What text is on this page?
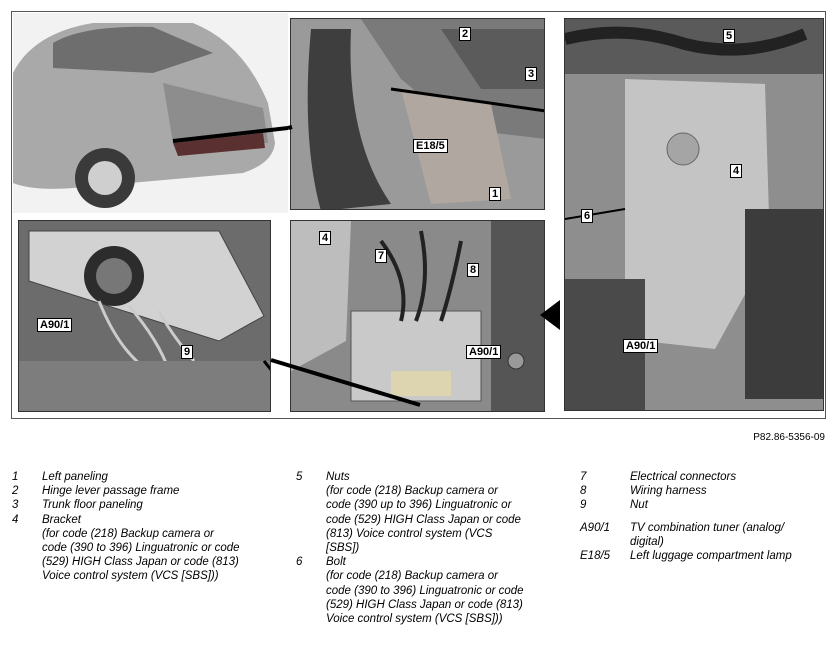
2
3
E18/5
1
5
4
6
A90/1
4
7
8
A90/1
A90/1
9
P82.86-5356-09
1	Left paneling
2	Hinge lever passage frame
3	Trunk floor paneling
4	Bracket
(for code (218) Backup camera or code (390 to 396) Linguatronic or code (529) HIGH Class Japan or code (813) Voice control system (VCS [SBS]))
5	Nuts
(for code (218) Backup camera or code (390 up to 396) Linguatronic or code (529) HIGH Class Japan or code (813) Voice control system (VCS [SBS])
6	Bolt
(for code (218) Backup camera or code (390 to 396) Linguatronic or code (529) HIGH Class Japan or code (813) Voice control system (VCS [SBS]))
7	Electrical connectors
8	Wiring harness
9	Nut
A90/1	TV combination tuner (analog/ digital)
E18/5	Left luggage compartment lamp
